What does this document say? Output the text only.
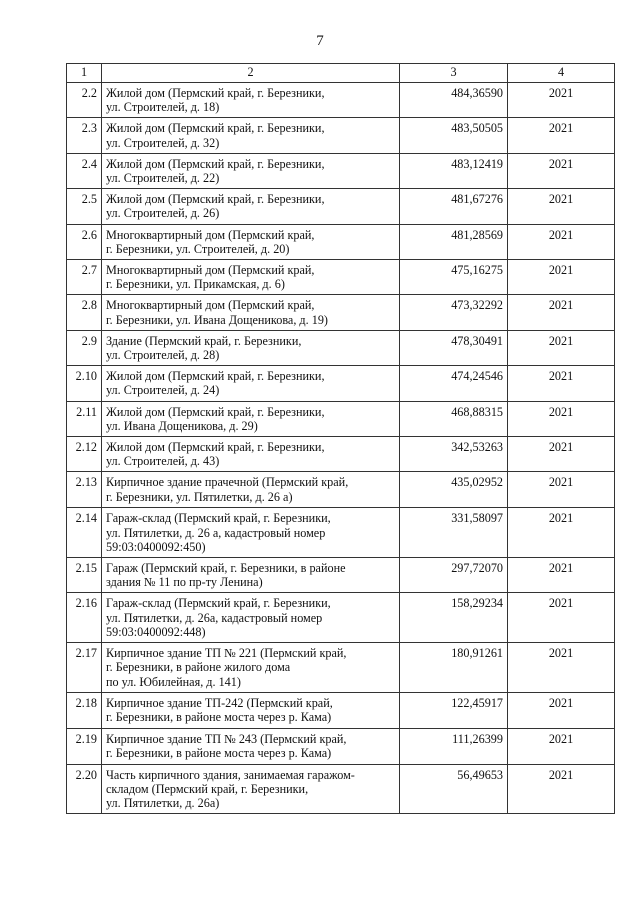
7
1	2	3	4
2.2	Жилой дом (Пермский край, г. Березники,
ул. Строителей, д. 18)	484,36590	2021
2.3	Жилой дом (Пермский край, г. Березники,
ул. Строителей, д. 32)	483,50505	2021
2.4	Жилой дом (Пермский край, г. Березники,
ул. Строителей, д. 22)	483,12419	2021
2.5	Жилой дом (Пермский край, г. Березники,
ул. Строителей, д. 26)	481,67276	2021
2.6	Многоквартирный дом (Пермский край,
г. Березники, ул. Строителей, д. 20)	481,28569	2021
2.7	Многоквартирный дом (Пермский край,
г. Березники, ул. Прикамская, д. 6)	475,16275	2021
2.8	Многоквартирный дом (Пермский край,
г. Березники, ул. Ивана Дощеникова, д. 19)	473,32292	2021
2.9	Здание (Пермский край, г. Березники,
ул. Строителей, д. 28)	478,30491	2021
2.10	Жилой дом (Пермский край, г. Березники,
ул. Строителей, д. 24)	474,24546	2021
2.11	Жилой дом (Пермский край, г. Березники,
ул. Ивана Дощеникова, д. 29)	468,88315	2021
2.12	Жилой дом (Пермский край, г. Березники,
ул. Строителей, д. 43)	342,53263	2021
2.13	Кирпичное здание прачечной (Пермский край,
г. Березники, ул. Пятилетки, д. 26 а)	435,02952	2021
2.14	Гараж-склад (Пермский край, г. Березники,
ул. Пятилетки, д. 26 а, кадастровый номер
59:03:0400092:450)	331,58097	2021
2.15	Гараж (Пермский край, г. Березники, в районе
здания № 11 по пр-ту Ленина)	297,72070	2021
2.16	Гараж-склад (Пермский край, г. Березники,
ул. Пятилетки, д. 26а, кадастровый номер
59:03:0400092:448)	158,29234	2021
2.17	Кирпичное здание ТП № 221 (Пермский край,
г. Березники, в районе жилого дома
по ул. Юбилейная, д. 141)	180,91261	2021
2.18	Кирпичное здание ТП-242 (Пермский край,
г. Березники, в районе моста через р. Кама)	122,45917	2021
2.19	Кирпичное здание ТП № 243 (Пермский край,
г. Березники, в районе моста через р. Кама)	111,26399	2021
2.20	Часть кирпичного здания, занимаемая гаражом-
складом (Пермский край, г. Березники,
ул. Пятилетки, д. 26а)	56,49653	2021
